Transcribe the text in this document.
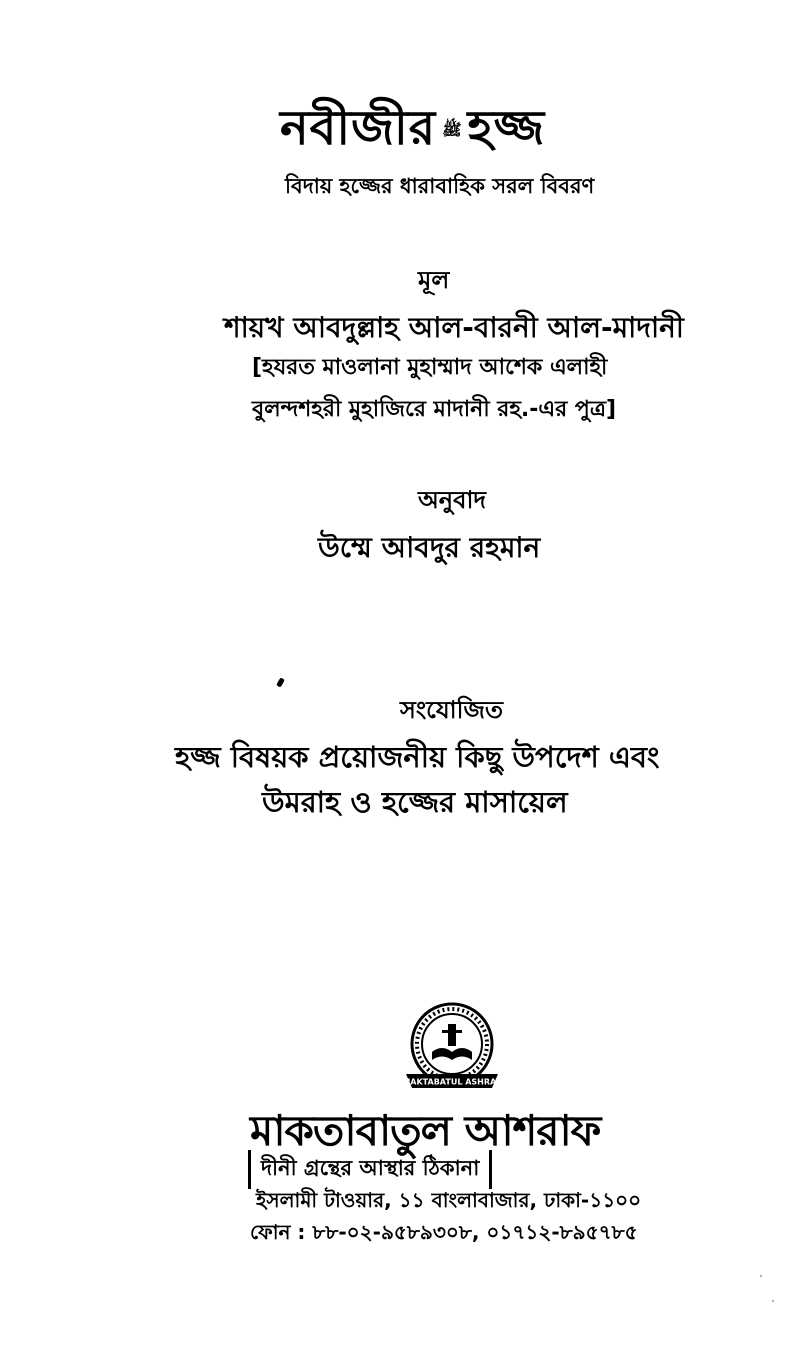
নবীজীর ﷺ হজ্জ
বিদায় হজ্জের ধারাবাহিক সরল বিবরণ
মূল
শায়খ আবদুল্লাহ আল-বারনী আল-মাদানী
[হযরত মাওলানা মুহাম্মাদ আশেক এলাহী
বুলন্দশহরী মুহাজিরে মাদানী রহ.-এর পুত্র]
অনুবাদ
উম্মে আবদুর রহমান
সংযোজিত
হজ্জ বিষয়ক প্রয়োজনীয় কিছু উপদেশ এবং
উমরাহ ও হজ্জের মাসায়েল
MAKTABATUL ASHRAF
মাকতাবাতুল আশরাফ
দীনী গ্রন্থের আস্থার ঠিকানা
ইসলামী টাওয়ার, ১১ বাংলাবাজার, ঢাকা-১১০০
ফোন : ৮৮-০২-৯৫৮৯৩০৮, ০১৭১২-৮৯৫৭৮৫
